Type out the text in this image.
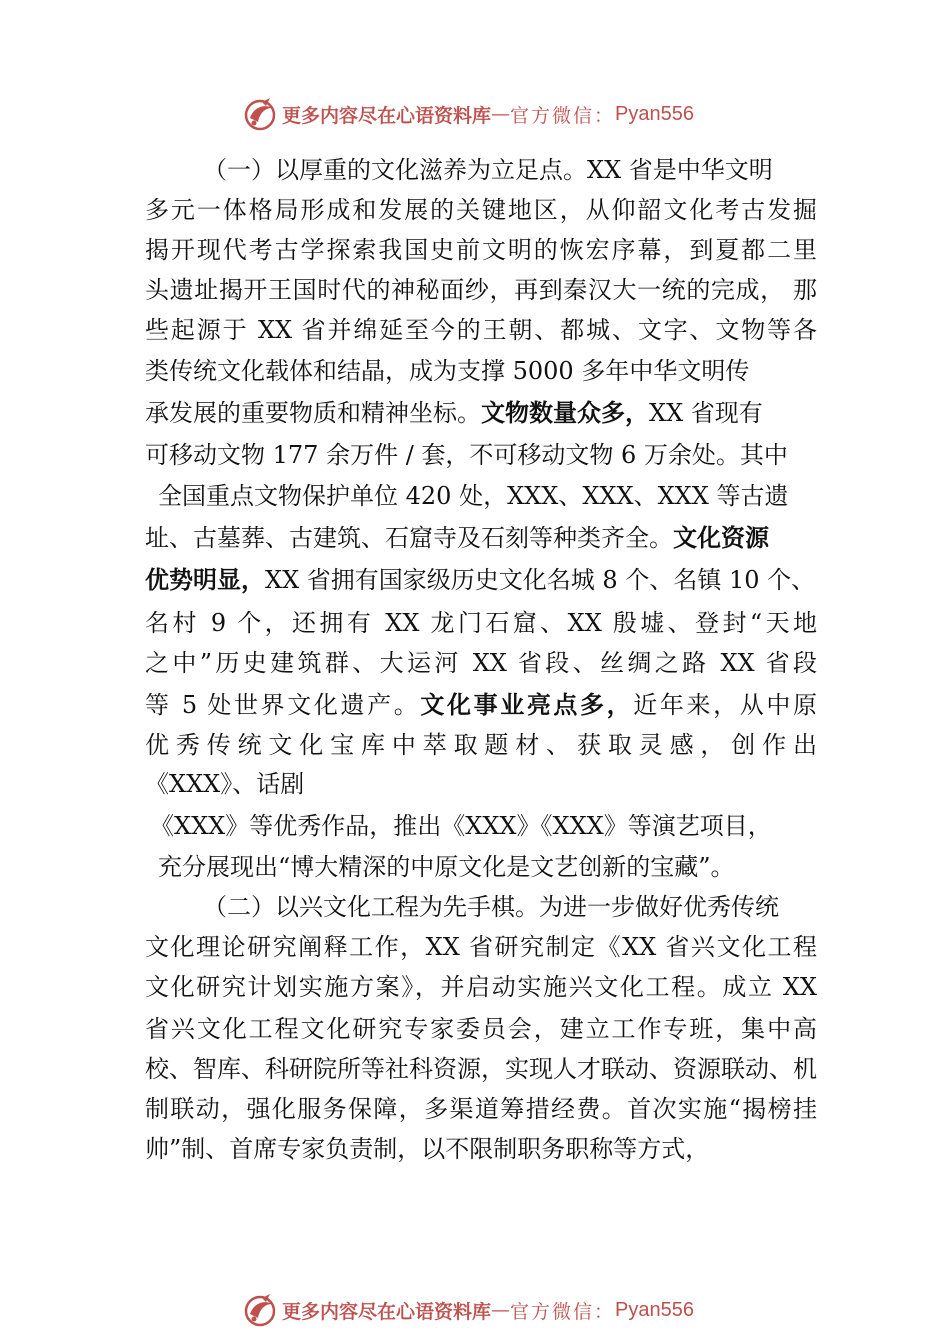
更多内容尽在心语资料库 — 官方微信： Pyan556
（一）以厚重的文化滋养为立足点。XX 省是中华文明
多元一体格局形成和发展的关键地区，从仰韶文化考古发掘
揭开现代考古学探索我国史前文明的恢宏序幕，到夏都二里
头遗址揭开王国时代的神秘面纱，再到秦汉大一统的完成， 那
些起源于 XX 省并绵延至今的王朝、都城、文字、文物等各
类传统文化载体和结晶，成为支撑 5000 多年中华文明传
承发展的重要物质和精神坐标。文物数量众多，XX 省现有
可移动文物 177 余万件 / 套，不可移动文物 6 万余处。其中
全国重点文物保护单位 420 处，XXX、XXX、XXX 等古遗
址、古墓葬、古建筑、石窟寺及石刻等种类齐全。文化资源
优势明显，XX 省拥有国家级历史文化名城 8 个、名镇 10 个、
名村 9 个，还拥有 XX 龙门石窟、XX 殷墟、登封“天地
之中”历史建筑群、大运河 XX 省段、丝绸之路 XX 省段
等 5 处世界文化遗产。文化事业亮点多，近年来，从中原
优秀传统文化宝库中萃取题材、获取灵感，创作出
《XXX》、话剧
《XXX》等优秀作品，推出《XXX》《XXX》等演艺项目，
充分展现出“博大精深的中原文化是文艺创新的宝藏”。
（二）以兴文化工程为先手棋。为进一步做好优秀传统
文化理论研究阐释工作，XX 省研究制定《XX 省兴文化工程
文化研究计划实施方案》，并启动实施兴文化工程。成立 XX
省兴文化工程文化研究专家委员会，建立工作专班，集中高
校、智库、科研院所等社科资源，实现人才联动、资源联动、机
制联动，强化服务保障，多渠道筹措经费。首次实施“揭榜挂
帅”制、首席专家负责制，以不限制职务职称等方式，
更多内容尽在心语资料库 — 官方微信： Pyan556
